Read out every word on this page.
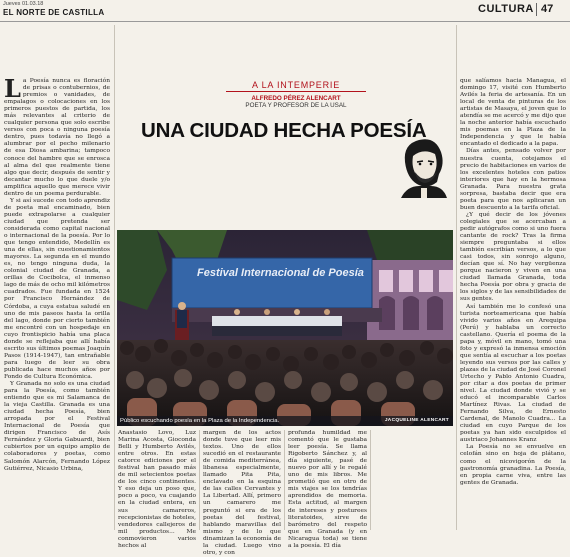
Jueves 01.03.18
EL NORTE DE CASTILLA	CULTURA 47

La Poesía nunca es floración de prisas o contubernios, de premios o vanidades, de empalagos o colocaciones en los primeros puestos de partida, los más relevantes al criterio de cualquier persona que solo escribe versos con poca o ninguna poesía dentro, pues todavía no llegó a alumbrar por el pecho milenario de esa Diosa ambarina; tampoco conoce del hambre que se enrosca al alma del que realmente tiene algo que decir, después de sentir y decantar mucho lo que duele y/o amplifica aquello que merece vivir dentro de un poema perdurable.

Y si así sucede con todo aprendiz de poeta mal encaminado, bien puede extrapolarse a cualquier ciudad que pretenda ser considerada como capital nacional o internacional de la poesía. Por lo que tengo entendido, Medellín es una de ellas, sin cuestionamientos mayores. La segunda en el mundo es, no tengo ninguna duda, la colonial ciudad de Granada, a orillas de Cocibolca, el inmenso lago de más de ocho mil kilómetros cuadrados. Fue fundada en 1524 por Francisco Hernández de Córdoba, a cuya estatua saludé en uno de mis paseos hasta la orilla del lago, donde por cierto también me encontré con un hospedaje en cuyo frontispicio había una placa donde se reflejaba que allí había escrito sus últimos poemas Joaquín Pasos (1914-1947), tan entrañable para luego de leer su obra publicada hace muchos años por Fondo de Cultura Económica.

Y Granada no solo es una ciudad para la Poesía, como también entiendo que es mi Salamanca de la vieja Castilla. Granada es una ciudad hecha Poesía, bien arropada por el Festival Internacional de Poesía que dirigen Francisco de Asís Fernández y Gloria Gabuardi, bien cubiertos por un equipo amplio de colaboradores y poetas, como Salomón Alarcón, Fernando López Gutiérrez, Nicasio Urbina,

A LA INTEMPERIE
ALFREDO PÉREZ ALENCART
POETA Y PROFESOR DE LA USAL
UNA CIUDAD HECHA POESÍA
Festival Internacional de Poesía
Público escuchando poesía en la Plaza de la Independencia.	JACQUELINE ALENCART

Anastasio Lovo, Luz Marina Acosta, Gioconda Belli y Humberto Avilés, entre otros. En estas catorce ediciones por el festival han pasado más de mil setecientos poetas de los cinco continentes. Y eso deja un poso que, poco a poco, va cuajando en la ciudad entera, en sus camareros, recepcionistas de hoteles, vendedores callejeros de mil productos... Me conmovieron varios hechos al

margen de los actos donde tuve que leer mis textos. Uno de ellos sucedió en el restaurante de comida mediterránea, libanesa especialmente, llamado Pita Pita, enclavado en la esquina de las calles Cervantes y La Libertad. Allí, primero un camarero me preguntó si era de los poetas del festival, hablando maravillas del mismo y de lo que dinamizan la economía de la ciudad. Luego vino otro, y con

profunda humildad me comentó que le gustaba leer poesía. Se llama Rigoberto Sánchez y, al día siguiente, pasé de nuevo por allí y le regalé uno de mis libros. Me prometió que en otro de mis viajes se los tendrías aprendidos de memoria. Esta actitud, al margen de intereses y posturees literatoides, sirve de barómetro del respeto que en Granada (y en Nicaragua toda) se tiene a la poesía. El día

que salíamos hacia Managua, el domingo 17, visité con Humberto Avilés la feria de artesanía. En un local de venta de pinturas de los artistas de Masaya, el joven que lo atendía se me acercó y me dijo que la noche anterior había escuchado mis poemas en la Plaza de la Independencia y que le había encantado el dedicado a la papa.

Días antes, pensado volver por nuestra cuenta, cotejamos el precio de habitaciones en varios de los excelentes hoteles con patios interiores que hay en la hermosa Granada. Para nuestra grata sorpresa, bastaba decir que era poeta para que nos aplicaran un buen descuento a la tarifa oficial.

¿Y qué decir de los jóvenes colegiales que se acercaban a pedir autógrafos como si uno fuera cantante de rock? Tras la firma siempre preguntaba si ellos también escribían versos, a lo que casi todos, sin sonrojo alguno, decían que sí. No hay vergüenza porque nacieron y viven en una ciudad llamada Granada, toda hecha Poesía por obra y gracia de los siglos y de las sensibilidades de sus gentes.

Así también me lo confesó una turista norteamericana que había vivido varios años en Arequipa (Perú) y hablaba un correcto castellano. Quería el poema de la papa y, móvil en mano, tomó una foto y expresó la inmensa emoción que sentía al escuchar a los poetas leyendo sus versos por las calles y plazas de la ciudad de José Coronel Urtecho y Pablo Antonio Cuadra, por citar a dos poetas de primer nivel. La ciudad donde vivió y se educó el incomparable Carlos Martínez Rivas. La ciudad de Fernando Silva, de Ernesto Cardenal, de Manolo Cuadra... La ciudad en cuyo Parque de los poetas ya han sido esculpidos el austriaco Johannes Kranz

La Poesía no se envuelve en celofán sino en hoja de plátano, como el nicovigorón de la gastronomía granadina. La Poesía, en propia carne viva, entre las gentes de Granada.
